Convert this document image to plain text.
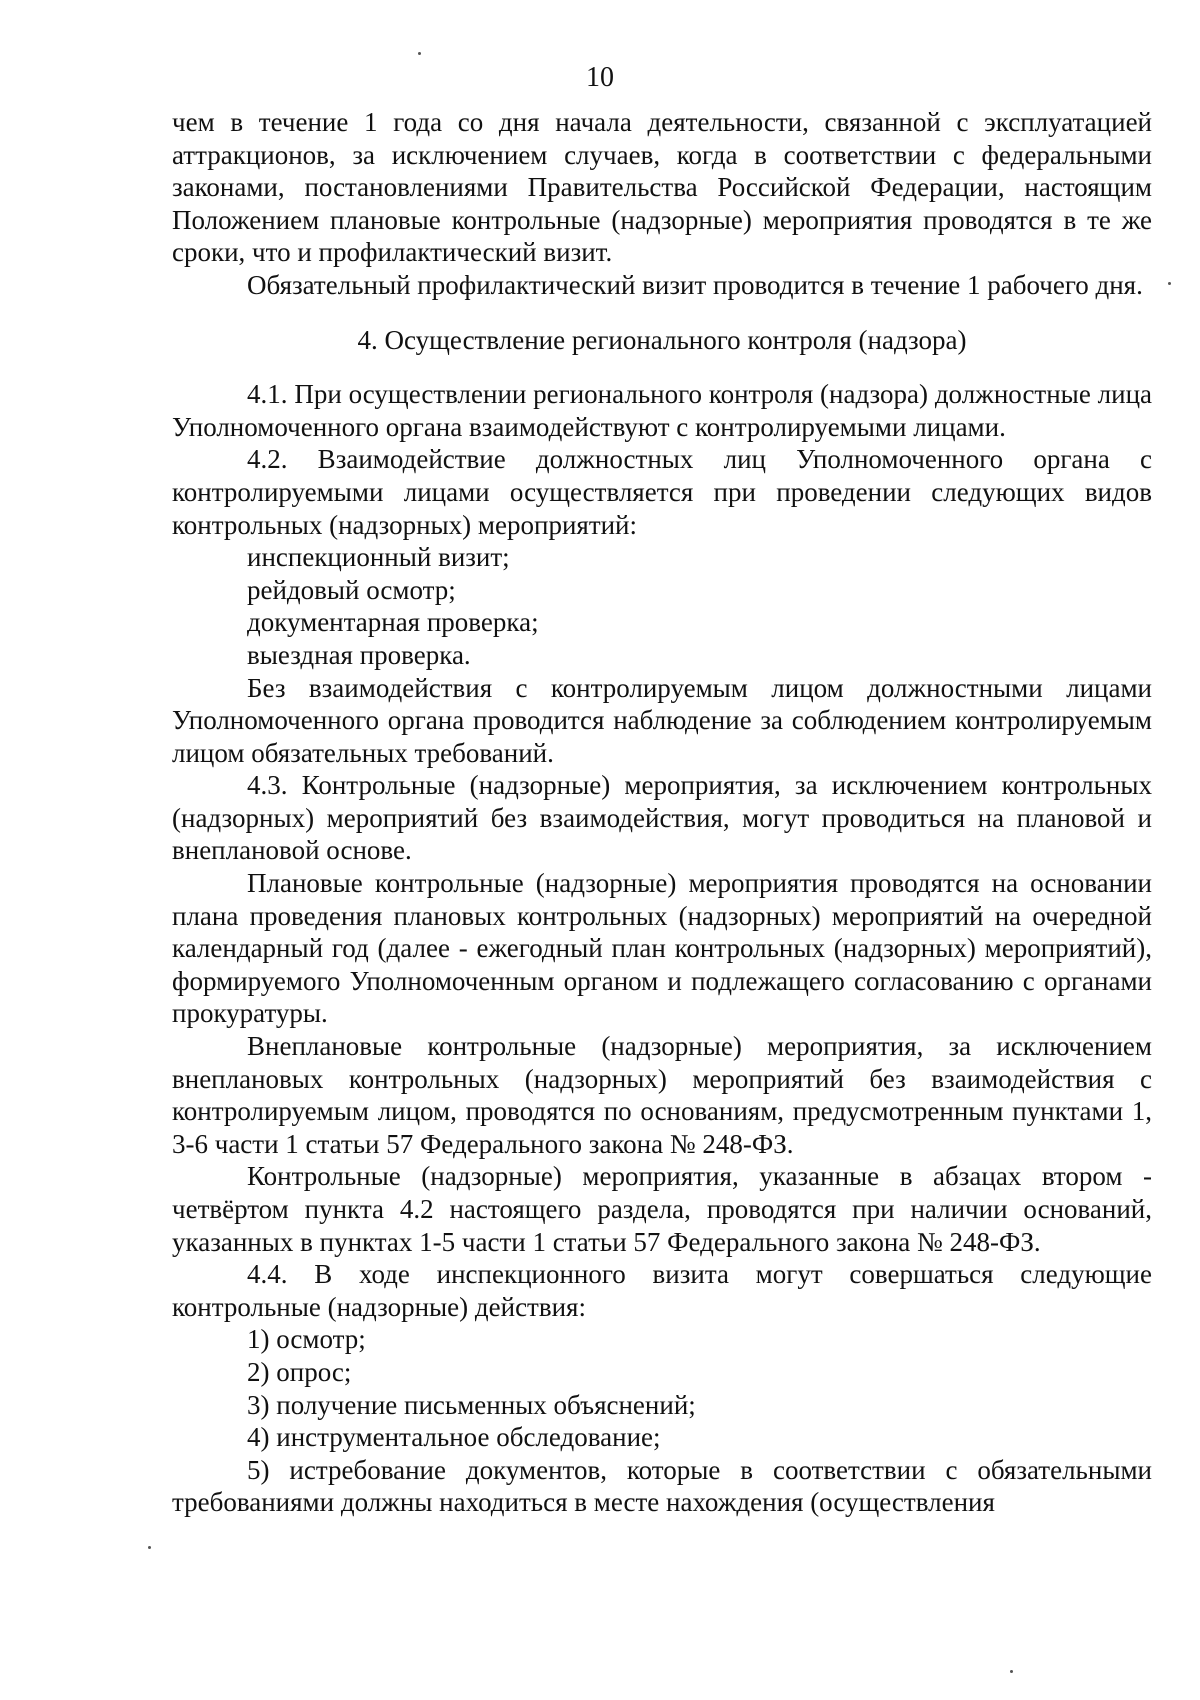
10

чем в течение 1 года со дня начала деятельности, связанной с эксплуатацией аттракционов, за исключением случаев, когда в соответствии с федеральными законами, постановлениями Правительства Российской Федерации, настоящим Положением плановые контрольные (надзорные) мероприятия проводятся в те же сроки, что и профилактический визит.

Обязательный профилактический визит проводится в течение 1 рабочего дня.

4. Осуществление регионального контроля (надзора)

4.1. При осуществлении регионального контроля (надзора) должностные лица Уполномоченного органа взаимодействуют с контролируемыми лицами.

4.2. Взаимодействие должностных лиц Уполномоченного органа с контролируемыми лицами осуществляется при проведении следующих видов контрольных (надзорных) мероприятий:

инспекционный визит;

рейдовый осмотр;

документарная проверка;

выездная проверка.

Без взаимодействия с контролируемым лицом должностными лицами Уполномоченного органа проводится наблюдение за соблюдением контролируемым лицом обязательных требований.

4.3. Контрольные (надзорные) мероприятия, за исключением контрольных (надзорных) мероприятий без взаимодействия, могут проводиться на плановой и внеплановой основе.

Плановые контрольные (надзорные) мероприятия проводятся на основании плана проведения плановых контрольных (надзорных) мероприятий на очередной календарный год (далее - ежегодный план контрольных (надзорных) мероприятий), формируемого Уполномоченным органом и подлежащего согласованию с органами прокуратуры.

Внеплановые контрольные (надзорные) мероприятия, за исключением внеплановых контрольных (надзорных) мероприятий без взаимодействия с контролируемым лицом, проводятся по основаниям, предусмотренным пунктами 1, 3-6 части 1 статьи 57 Федерального закона № 248-ФЗ.

Контрольные (надзорные) мероприятия, указанные в абзацах втором - четвёртом пункта 4.2 настоящего раздела, проводятся при наличии оснований, указанных в пунктах 1-5 части 1 статьи 57 Федерального закона № 248-ФЗ.

4.4. В ходе инспекционного визита могут совершаться следующие контрольные (надзорные) действия:

1) осмотр;

2) опрос;

3) получение письменных объяснений;

4) инструментальное обследование;

5) истребование документов, которые в соответствии с обязательными требованиями должны находиться в месте нахождения (осуществления
